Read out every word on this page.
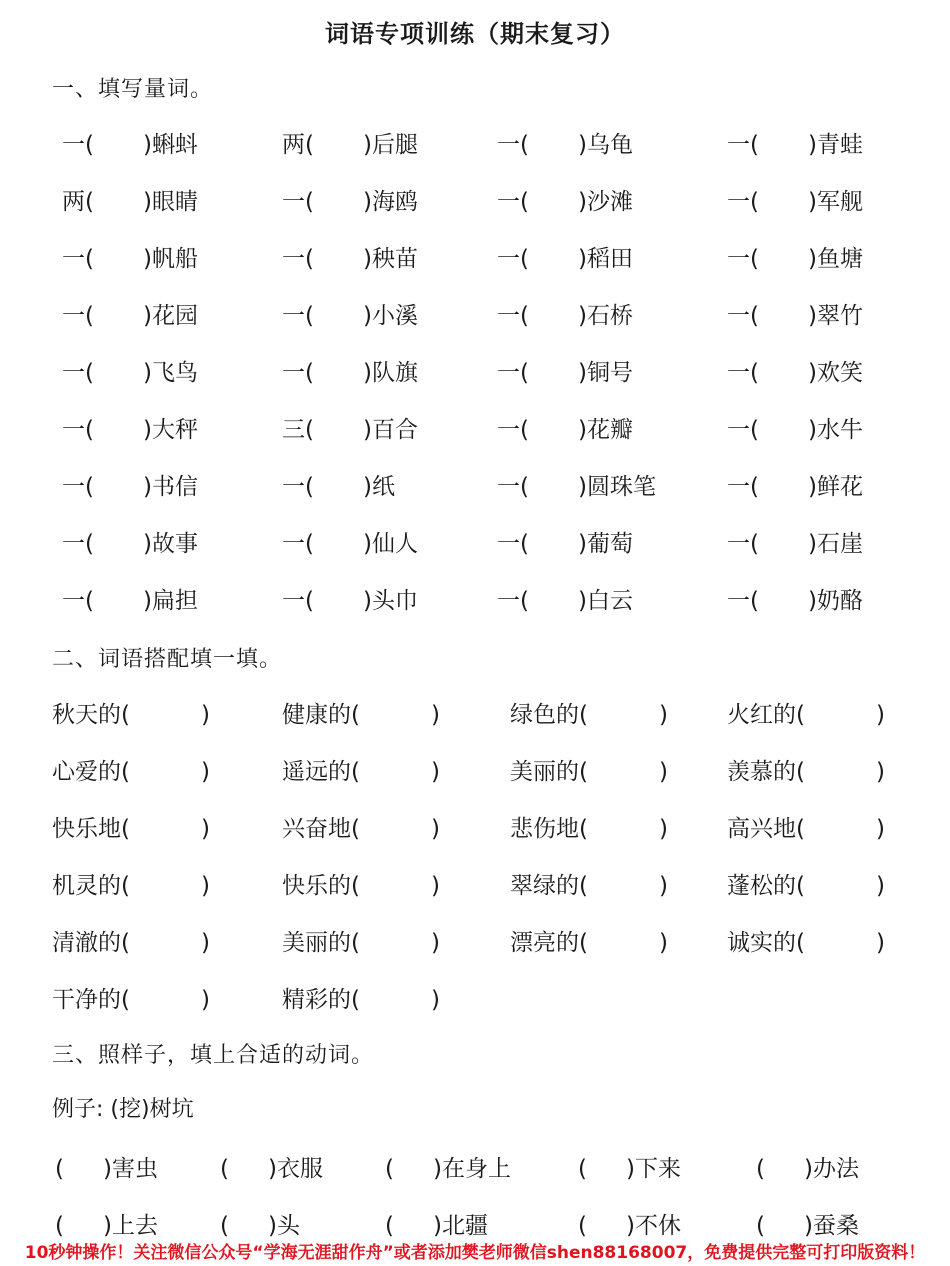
词语专项训练（期末复习）
一、填写量词。
一( )蝌蚪	两( )后腿	一( )乌龟	一( )青蛙
两( )眼睛	一( )海鸥	一( )沙滩	一( )军舰
一( )帆船	一( )秧苗	一( )稻田	一( )鱼塘
一( )花园	一( )小溪	一( )石桥	一( )翠竹
一( )飞鸟	一( )队旗	一( )铜号	一( )欢笑
一( )大秤	三( )百合	一( )花瓣	一( )水牛
一( )书信	一( )纸	一( )圆珠笔	一( )鲜花
一( )故事	一( )仙人	一( )葡萄	一( )石崖
一( )扁担	一( )头巾	一( )白云	一( )奶酪
二、词语搭配填一填。
秋天的(	)	健康的(	)	绿色的(	)	火红的(	)
心爱的(	)	遥远的(	)	美丽的(	)	羡慕的(	)
快乐地(	)	兴奋地(	)	悲伤地(	)	高兴地(	)
机灵的(	)	快乐的(	)	翠绿的(	)	蓬松的(	)
清澈的(	)	美丽的(	)	漂亮的(	)	诚实的(	)
干净的(	)	精彩的(	)
三、照样子，填上合适的动词。
例子: (挖)树坑
( )害虫	( )衣服	( )在身上	( )下来	( )办法
( )上去	( )头	( )北疆	( )不休	( )蚕桑
10秒钟操作！关注微信公众号“学海无涯甜作舟”或者添加樊老师微信shen88168007，免费提供完整可打印版资料！
